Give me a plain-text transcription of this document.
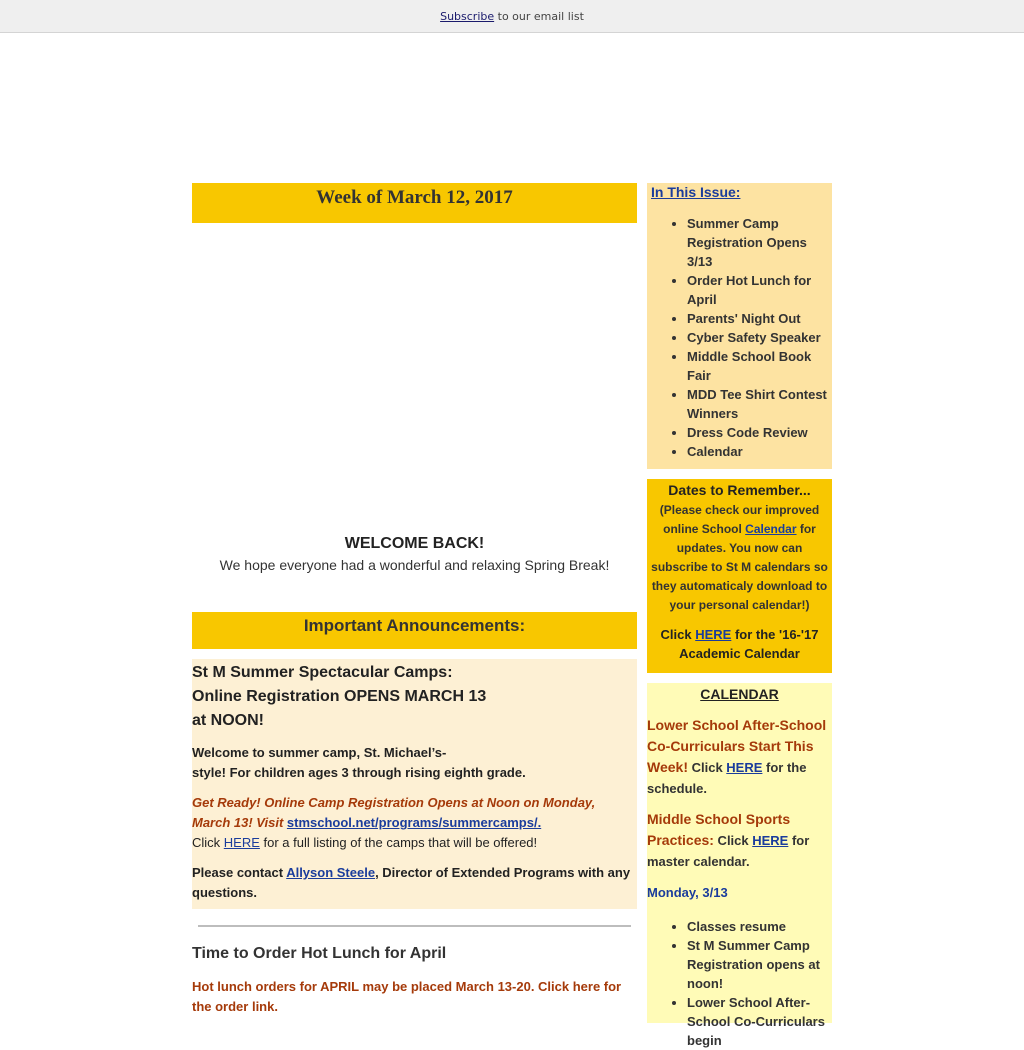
Subscribe to our email list
Week of March 12, 2017
WELCOME BACK!
We hope everyone had a wonderful and relaxing Spring Break!
Important Announcements:
St M Summer Spectacular Camps:
Online Registration OPENS MARCH 13
at NOON!

Welcome to summer camp, St. Michael’s-
style! For children ages 3 through rising eighth grade.

Get Ready! Online Camp Registration Opens at Noon on Monday, March 13! Visit stmschool.net/programs/summercamps/.

Click HERE for a full listing of the camps that will be offered!

Please contact Allyson Steele, Director of Extended Programs with any questions.

Time to Order Hot Lunch for April
Hot lunch orders for APRIL may be placed March 13-20. Click here for the order link.
In This Issue:
• Summer Camp Registration Opens 3/13
• Order Hot Lunch for April
• Parents' Night Out
• Cyber Safety Speaker
• Middle School Book Fair
• MDD Tee Shirt Contest Winners
• Dress Code Review
• Calendar
Dates to Remember...
(Please check our improved online School Calendar for updates. You now can subscribe to St M calendars so they automaticaly download to your personal calendar!)
Click HERE for the '16-'17 Academic Calendar
CALENDAR

Lower School After-School Co-Curriculars Start This Week! Click HERE for the schedule.

Middle School Sports Practices: Click HERE for master calendar.

Monday, 3/13

• Classes resume
• St M Summer Camp Registration opens at noon!
• Lower School After-School Co-Curriculars begin
